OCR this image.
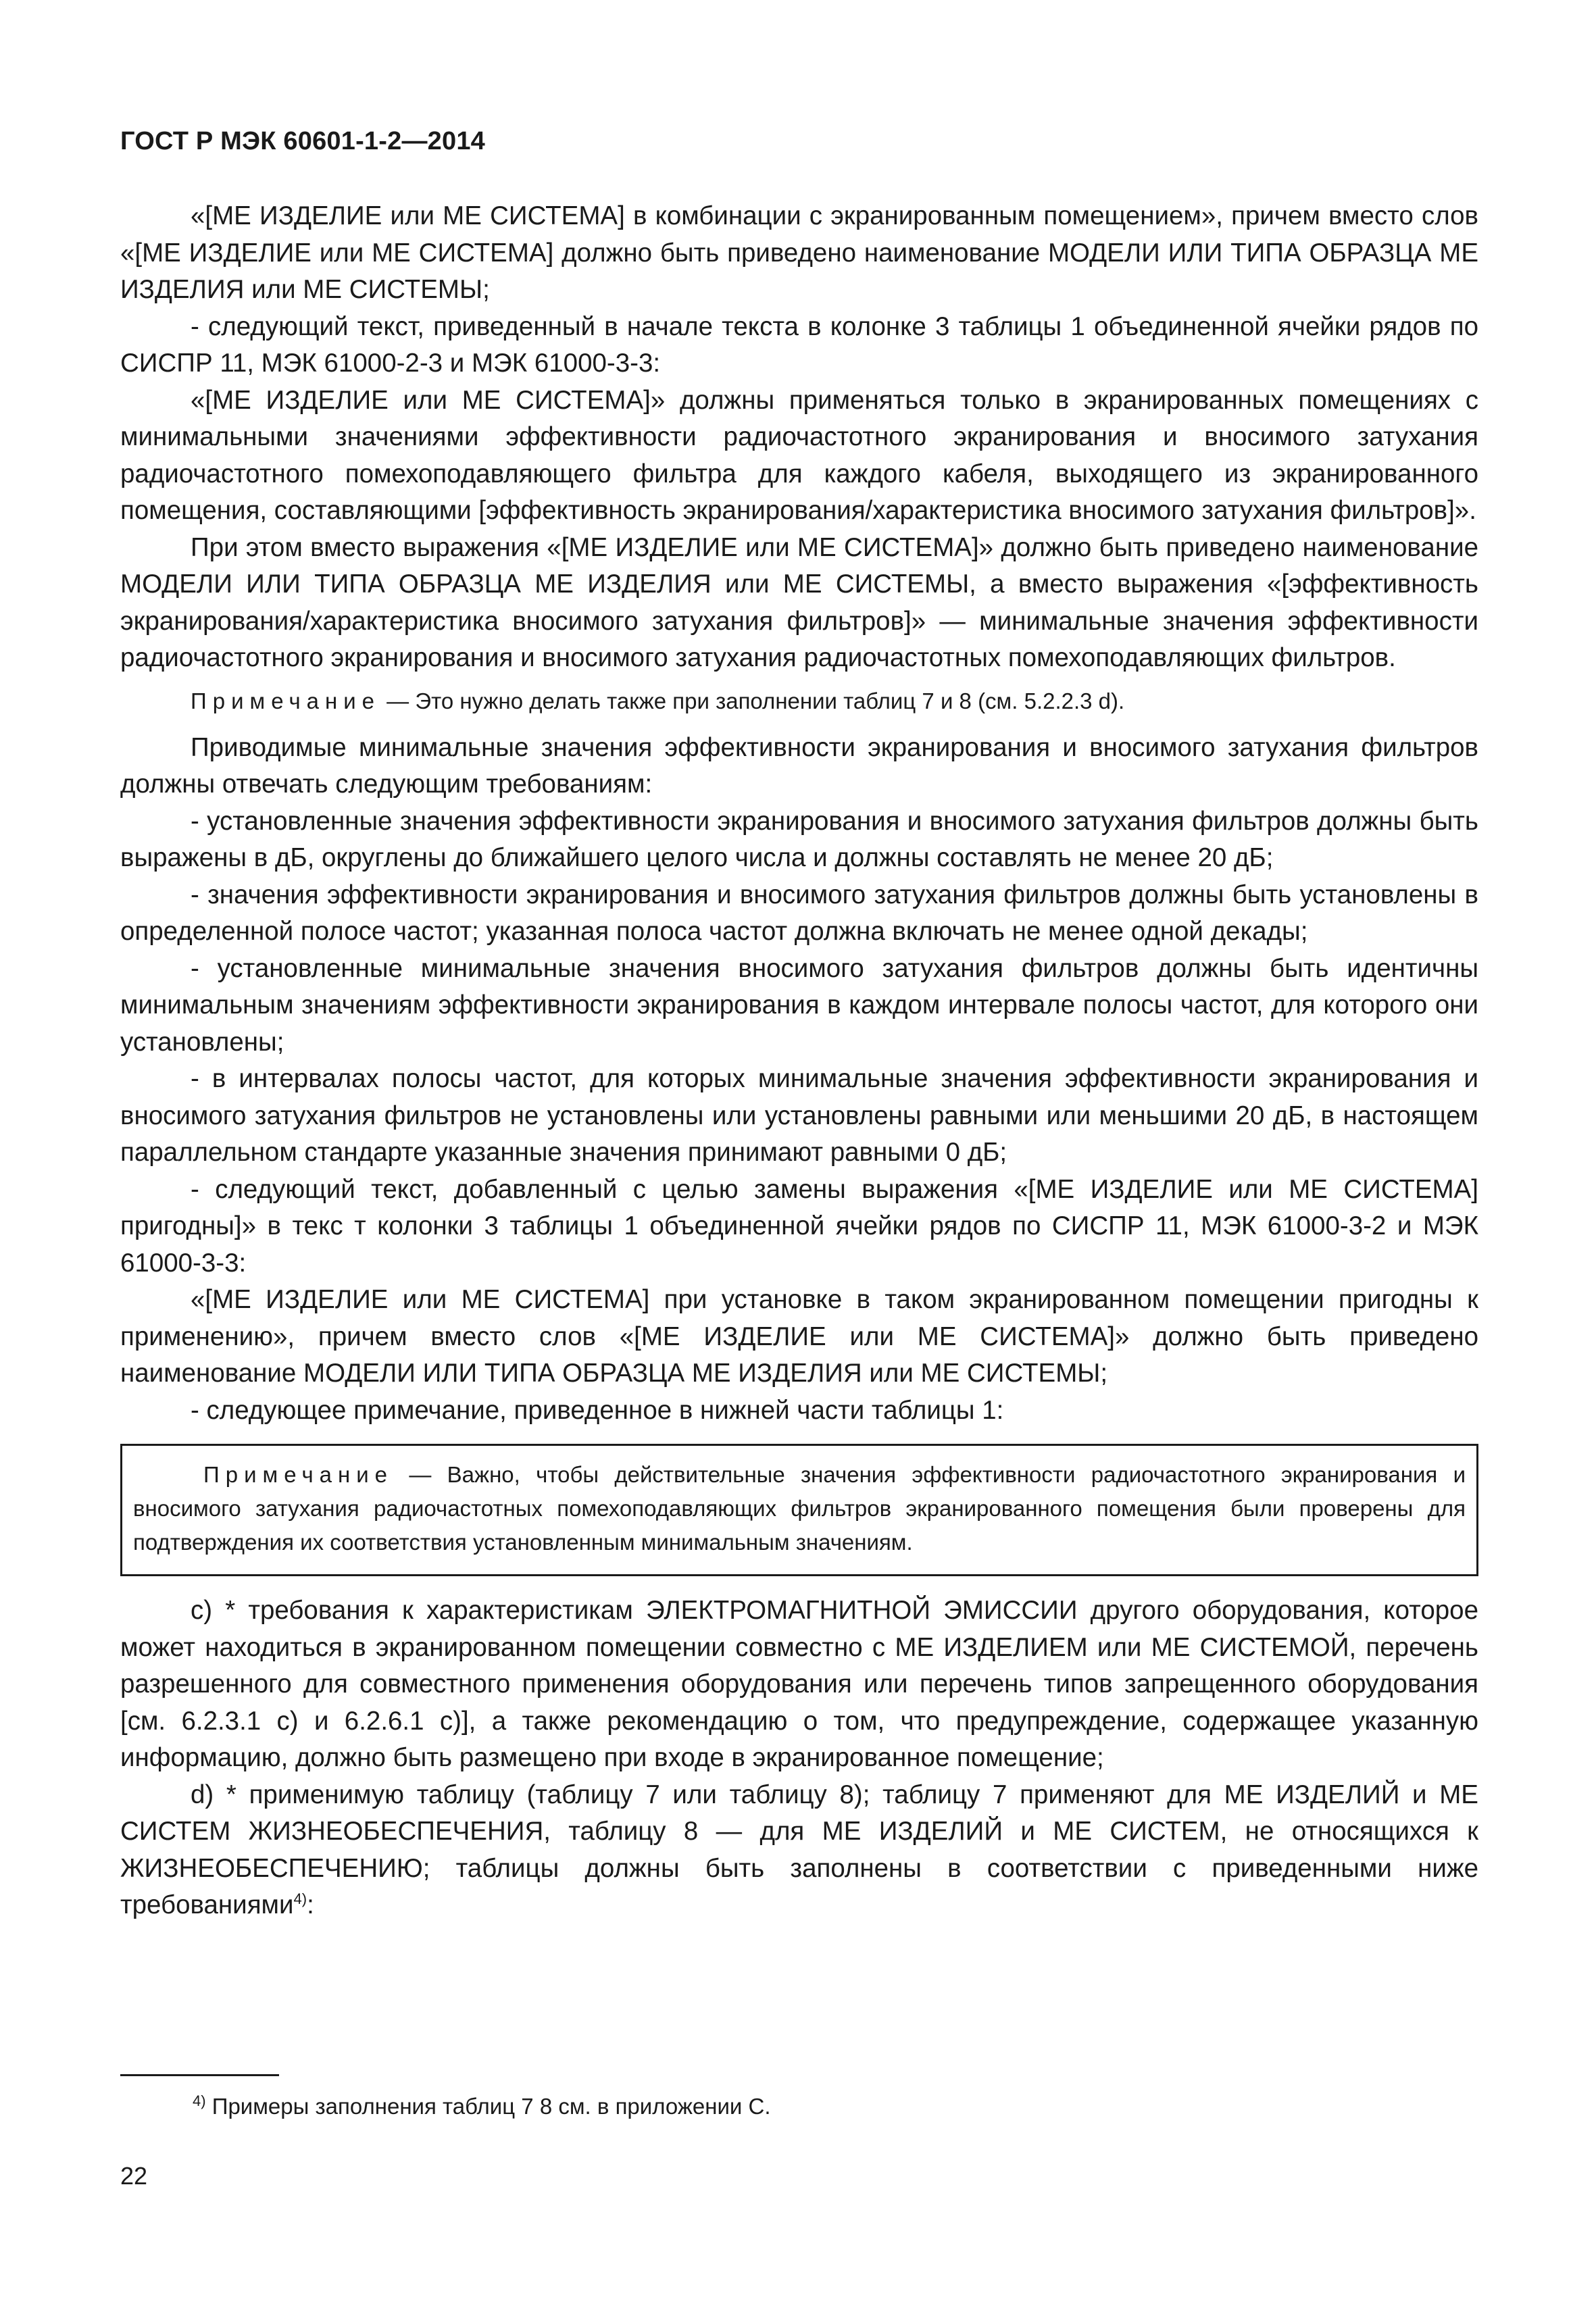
ГОСТ Р МЭК 60601-1-2—2014

«[МЕ ИЗДЕЛИЕ или МЕ СИСТЕМА] в комбинации с экранированным помещением», причем вместо слов «[МЕ ИЗДЕЛИЕ или МЕ СИСТЕМА] должно быть приведено наименование МОДЕЛИ ИЛИ ТИПА ОБРАЗЦА МЕ ИЗДЕЛИЯ или МЕ СИСТЕМЫ;

- следующий текст, приведенный в начале текста в колонке 3 таблицы 1 объединенной ячейки рядов по СИСПР 11, МЭК 61000-2-3 и МЭК 61000-3-3:

«[МЕ ИЗДЕЛИЕ или МЕ СИСТЕМА]» должны применяться только в экранированных помещениях с минимальными значениями эффективности радиочастотного экранирования и вносимого затухания радиочастотного помехоподавляющего фильтра для каждого кабеля, выходящего из экранированного помещения, составляющими [эффективность экранирования/характеристика вносимого затухания фильтров]».

При этом вместо выражения «[МЕ ИЗДЕЛИЕ или МЕ СИСТЕМА]» должно быть приведено наименование МОДЕЛИ ИЛИ ТИПА ОБРАЗЦА МЕ ИЗДЕЛИЯ или МЕ СИСТЕМЫ, а вместо выражения «[эффективность экранирования/характеристика вносимого затухания фильтров]» — минимальные значения эффективности радиочастотного экранирования и вносимого затухания радиочастотных помехоподавляющих фильтров.

Примечание — Это нужно делать также при заполнении таблиц 7 и 8 (см. 5.2.2.3 d).

Приводимые минимальные значения эффективности экранирования и вносимого затухания фильтров должны отвечать следующим требованиям:

- установленные значения эффективности экранирования и вносимого затухания фильтров должны быть выражены в дБ, округлены до ближайшего целого числа и должны составлять не менее 20 дБ;

- значения эффективности экранирования и вносимого затухания фильтров должны быть установлены в определенной полосе частот; указанная полоса частот должна включать не менее одной декады;

- установленные минимальные значения вносимого затухания фильтров должны быть идентичны минимальным значениям эффективности экранирования в каждом интервале полосы частот, для которого они установлены;

- в интервалах полосы частот, для которых минимальные значения эффективности экранирования и вносимого затухания фильтров не установлены или установлены равными или меньшими 20 дБ, в настоящем параллельном стандарте указанные значения принимают равными 0 дБ;

- следующий текст, добавленный с целью замены выражения «[МЕ ИЗДЕЛИЕ или МЕ СИСТЕМА] пригодны]» в текс т колонки 3 таблицы 1 объединенной ячейки рядов по СИСПР 11, МЭК 61000-3-2 и МЭК 61000-3-3:

«[МЕ ИЗДЕЛИЕ или МЕ СИСТЕМА] при установке в таком экранированном помещении пригодны к применению», причем вместо слов «[МЕ ИЗДЕЛИЕ или МЕ СИСТЕМА]» должно быть приведено наименование МОДЕЛИ ИЛИ ТИПА ОБРАЗЦА МЕ ИЗДЕЛИЯ или МЕ СИСТЕМЫ;

- следующее примечание, приведенное в нижней части таблицы 1:

Примечание — Важно, чтобы действительные значения эффективности радиочастотного экранирования и вносимого затухания радиочастотных помехоподавляющих фильтров экранированного помещения были проверены для подтверждения их соответствия установленным минимальным значениям.

c) * требования к характеристикам ЭЛЕКТРОМАГНИТНОЙ ЭМИССИИ другого оборудования, которое может находиться в экранированном помещении совместно с МЕ ИЗДЕЛИЕМ или МЕ СИСТЕМОЙ, перечень разрешенного для совместного применения оборудования или перечень типов запрещенного оборудования [см. 6.2.3.1 c) и 6.2.6.1 c)], а также рекомендацию о том, что предупреждение, содержащее указанную информацию, должно быть размещено при входе в экранированное помещение;

d) * применимую таблицу (таблицу 7 или таблицу 8); таблицу 7 применяют для МЕ ИЗДЕЛИЙ и МЕ СИСТЕМ ЖИЗНЕОБЕСПЕЧЕНИЯ, таблицу 8 — для МЕ ИЗДЕЛИЙ и МЕ СИСТЕМ, не относящихся к ЖИЗНЕОБЕСПЕЧЕНИЮ; таблицы должны быть заполнены в соответствии с приведенными ниже требованиями$^{4)}$:

$^{4)}$ Примеры заполнения таблиц 7 8 см. в приложении С.
22
